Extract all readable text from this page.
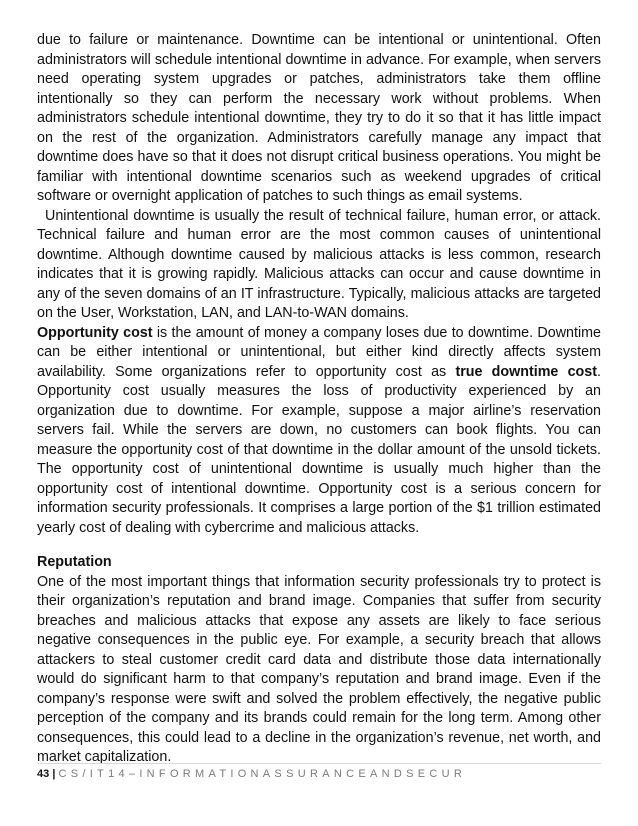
due to failure or maintenance. Downtime can be intentional or unintentional. Often administrators will schedule intentional downtime in advance. For example, when servers need operating system upgrades or patches, administrators take them offline intentionally so they can perform the necessary work without problems. When administrators schedule intentional downtime, they try to do it so that it has little impact on the rest of the organization. Administrators carefully manage any impact that downtime does have so that it does not disrupt critical business operations. You might be familiar with intentional downtime scenarios such as weekend upgrades of critical software or overnight application of patches to such things as email systems.

Unintentional downtime is usually the result of technical failure, human error, or attack. Technical failure and human error are the most common causes of unintentional downtime. Although downtime caused by malicious attacks is less common, research indicates that it is growing rapidly. Malicious attacks can occur and cause downtime in any of the seven domains of an IT infrastructure. Typically, malicious attacks are targeted on the User, Workstation, LAN, and LAN-to-WAN domains.

Opportunity cost is the amount of money a company loses due to downtime. Downtime can be either intentional or unintentional, but either kind directly affects system availability. Some organizations refer to opportunity cost as true downtime cost. Opportunity cost usually measures the loss of productivity experienced by an organization due to downtime. For example, suppose a major airline’s reservation servers fail. While the servers are down, no customers can book flights. You can measure the opportunity cost of that downtime in the dollar amount of the unsold tickets. The opportunity cost of unintentional downtime is usually much higher than the opportunity cost of intentional downtime. Opportunity cost is a serious concern for information security professionals. It comprises a large portion of the $1 trillion estimated yearly cost of dealing with cybercrime and malicious attacks.

Reputation

One of the most important things that information security professionals try to protect is their organization’s reputation and brand image. Companies that suffer from security breaches and malicious attacks that expose any assets are likely to face serious negative consequences in the public eye. For example, a security breach that allows attackers to steal customer credit card data and distribute those data internationally would do significant harm to that company’s reputation and brand image. Even if the company’s response were swift and solved the problem effectively, the negative public perception of the company and its brands could remain for the long term. Among other consequences, this could lead to a decline in the organization’s revenue, net worth, and market capitalization.

43 | CS/IT14–INFORMATIONASSURANCEANDSECUR
